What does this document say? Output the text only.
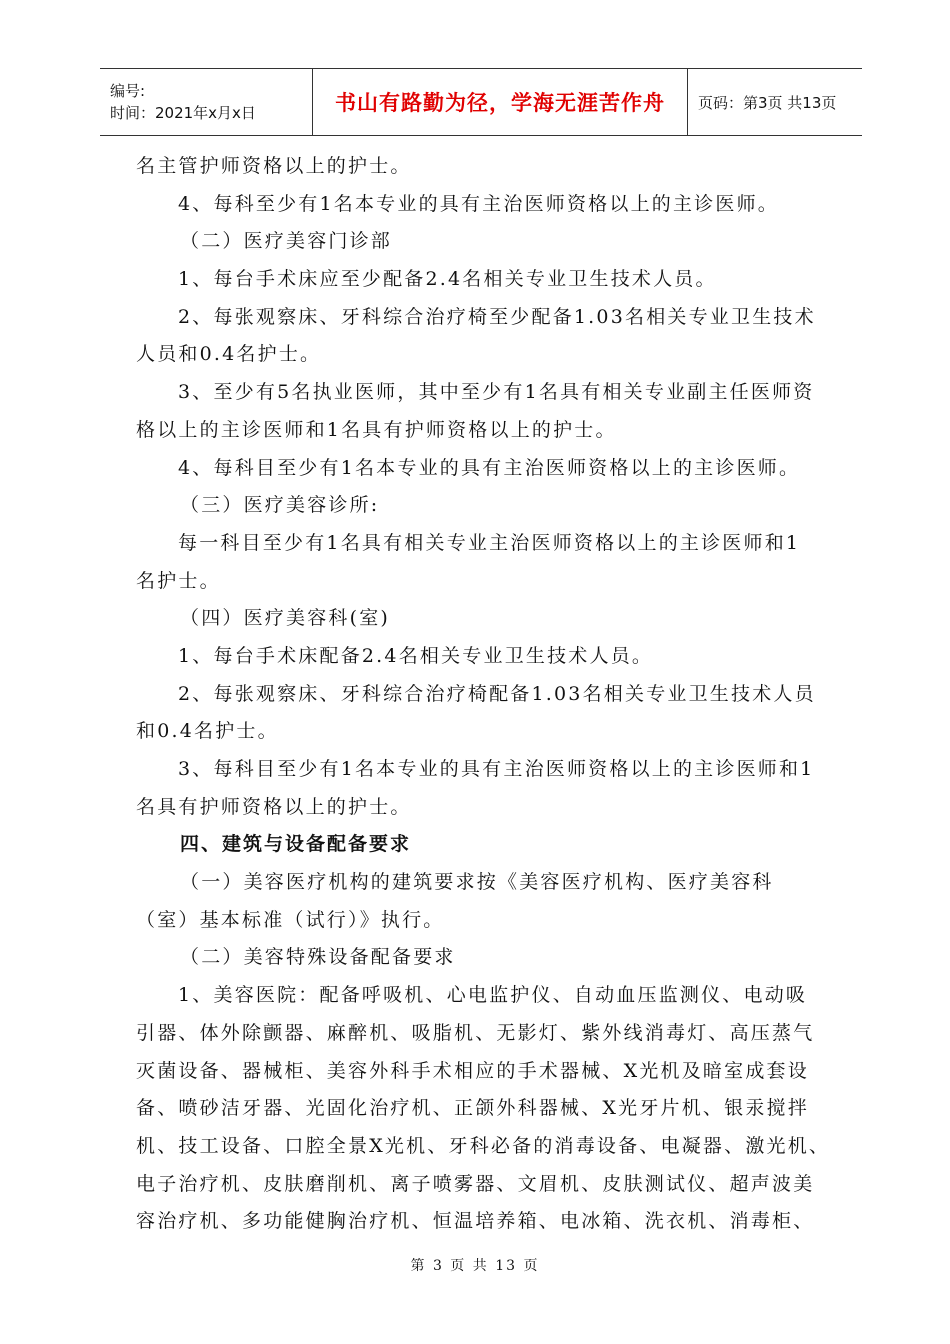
编号:
时间：2021年x月x日	书山有路勤为径，学海无涯苦作舟 页码：第3页 共13页
名主管护师资格以上的护士。
4、每科至少有1名本专业的具有主治医师资格以上的主诊医师。
（二）医疗美容门诊部
1、每台手术床应至少配备2.4名相关专业卫生技术人员。
2、每张观察床、牙科综合治疗椅至少配备1.03名相关专业卫生技术
人员和0.4名护士。
3、至少有5名执业医师，其中至少有1名具有相关专业副主任医师资
格以上的主诊医师和1名具有护师资格以上的护士。
4、每科目至少有1名本专业的具有主治医师资格以上的主诊医师。
（三）医疗美容诊所:
每一科目至少有1名具有相关专业主治医师资格以上的主诊医师和1
名护士。
（四）医疗美容科(室)
1、每台手术床配备2.4名相关专业卫生技术人员。
2、每张观察床、牙科综合治疗椅配备1.03名相关专业卫生技术人员
和0.4名护士。
3、每科目至少有1名本专业的具有主治医师资格以上的主诊医师和1
名具有护师资格以上的护士。
四、建筑与设备配备要求
（一）美容医疗机构的建筑要求按《美容医疗机构、医疗美容科
（室）基本标准（试行）》执行。
（二）美容特殊设备配备要求
1、美容医院：配备呼吸机、心电监护仪、自动血压监测仪、电动吸
引器、体外除颤器、麻醉机、吸脂机、无影灯、紫外线消毒灯、高压蒸气
灭菌设备、器械柜、美容外科手术相应的手术器械、X光机及暗室成套设
备、喷砂洁牙器、光固化治疗机、正颌外科器械、X光牙片机、银汞搅拌
机、技工设备、口腔全景X光机、牙科必备的消毒设备、电凝器、激光机、
电子治疗机、皮肤磨削机、离子喷雾器、文眉机、皮肤测试仪、超声波美
容治疗机、多功能健胸治疗机、恒温培养箱、电冰箱、洗衣机、消毒柜、
第 3 页 共 13 页
